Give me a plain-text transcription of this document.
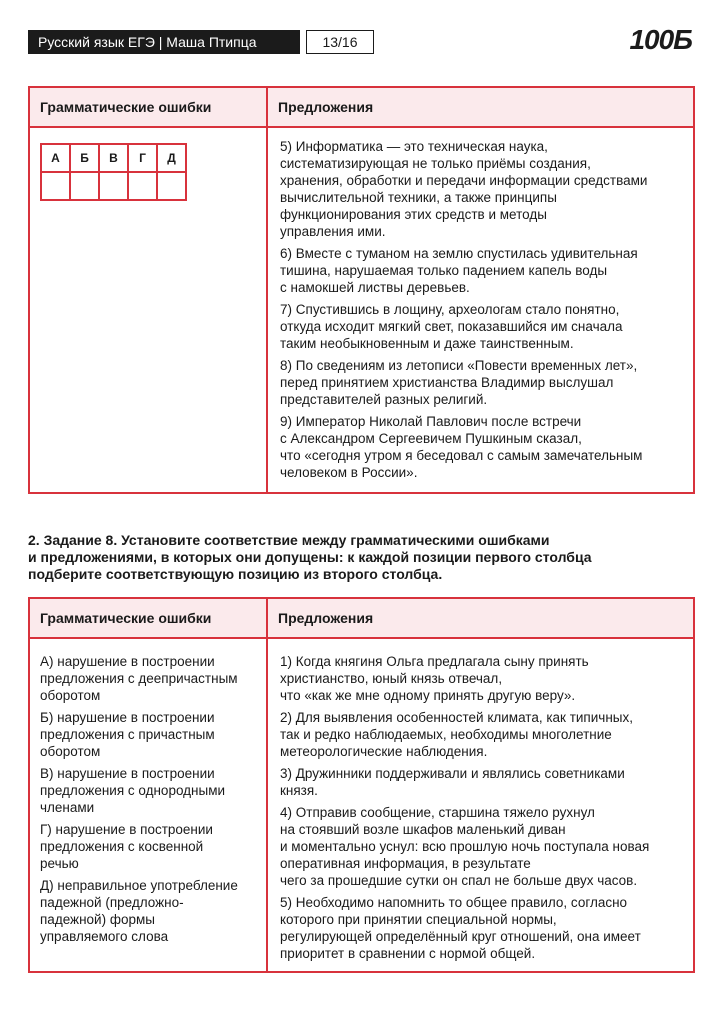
Русский язык ЕГЭ | Маша Птипца	13/16	100Б
Грамматические ошибки	Предложения
А	Б	В	Г	Д

5) Информатика — это техническая наука,
систематизирующая не только приёмы создания,
хранения, обработки и передачи информации средствами
вычислительной техники, а также принципы
функционирования этих средств и методы
управления ими.
6) Вместе с туманом на землю спустилась удивительная
тишина, нарушаемая только падением капель воды
с намокшей листвы деревьев.
7) Спустившись в лощину, археологам стало понятно,
откуда исходит мягкий свет, показавшийся им сначала
таким необыкновенным и даже таинственным.
8) По сведениям из летописи «Повести временных лет»,
перед принятием христианства Владимир выслушал
представителей разных религий.
9) Император Николай Павлович после встречи
с Александром Сергеевичем Пушкиным сказал,
что «сегодня утром я беседовал с самым замечательным
человеком в России».
2. Задание 8. Установите соответствие между грамматическими ошибками
и предложениями, в которых они допущены: к каждой позиции первого столбца
подберите соответствующую позицию из второго столбца.
Грамматические ошибки	Предложения
А) нарушение в построении
предложения с деепричастным
оборотом
Б) нарушение в построении
предложения с причастным
оборотом
В) нарушение в построении
предложения с однородными
членами
Г) нарушение в построении
предложения с косвенной
речью
Д) неправильное употребление
падежной (предложно-
падежной) формы
управляемого слова
1) Когда княгиня Ольга предлагала сыну принять
христианство, юный князь отвечал,
что «как же мне одному принять другую веру».
2) Для выявления особенностей климата, как типичных,
так и редко наблюдаемых, необходимы многолетние
метеорологические наблюдения.
3) Дружинники поддерживали и являлись советниками
князя.
4) Отправив сообщение, старшина тяжело рухнул
на стоявший возле шкафов маленький диван
и моментально уснул: всю прошлую ночь поступала новая
оперативная информация, в результате
чего за прошедшие сутки он спал не больше двух часов.
5) Необходимо напомнить то общее правило, согласно
которого при принятии специальной нормы,
регулирующей определённый круг отношений, она имеет
приоритет в сравнении с нормой общей.
